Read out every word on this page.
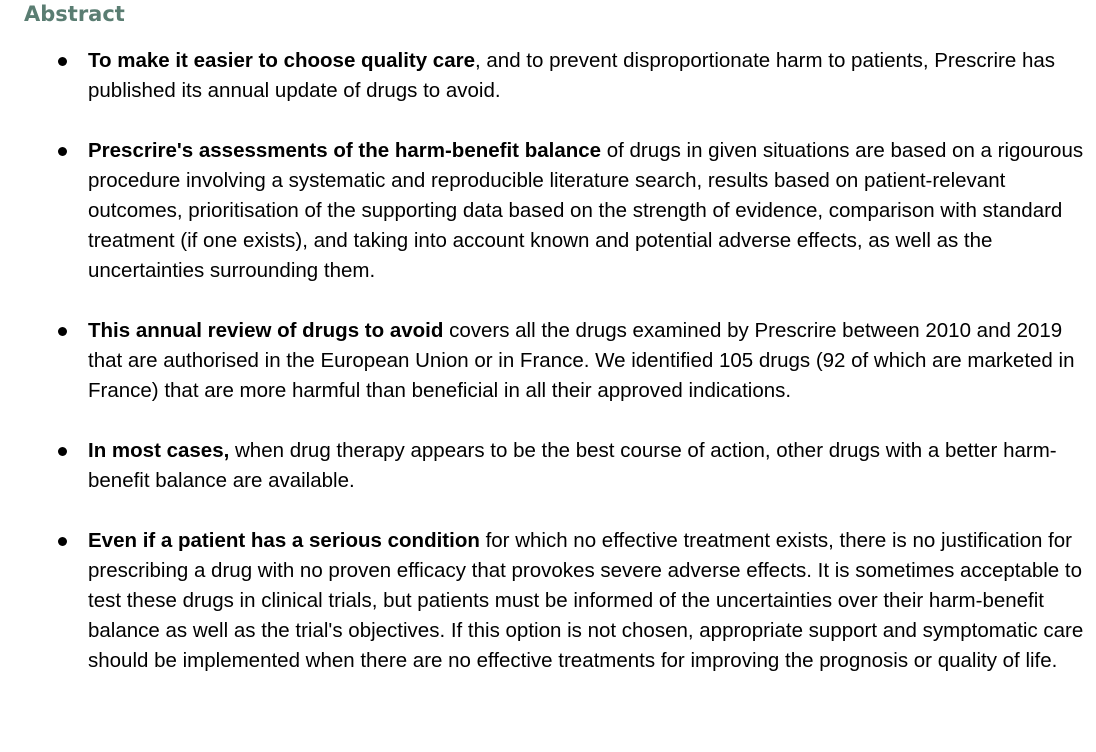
Abstract
To make it easier to choose quality care, and to prevent disproportionate harm to patients, Prescrire has published its annual update of drugs to avoid.
Prescrire's assessments of the harm-benefit balance of drugs in given situations are based on a rigourous procedure involving a systematic and reproducible literature search, results based on patient-relevant outcomes, prioritisation of the supporting data based on the strength of evidence, comparison with standard treatment (if one exists), and taking into account known and potential adverse effects, as well as the uncertainties surrounding them.
This annual review of drugs to avoid covers all the drugs examined by Prescrire between 2010 and 2019 that are authorised in the European Union or in France. We identified 105 drugs (92 of which are marketed in France) that are more harmful than beneficial in all their approved indications.
In most cases, when drug therapy appears to be the best course of action, other drugs with a better harm-benefit balance are available.
Even if a patient has a serious condition for which no effective treatment exists, there is no justification for prescribing a drug with no proven efficacy that provokes severe adverse effects. It is sometimes acceptable to test these drugs in clinical trials, but patients must be informed of the uncertainties over their harm-benefit balance as well as the trial's objectives. If this option is not chosen, appropriate support and symptomatic care should be implemented when there are no effective treatments for improving the prognosis or quality of life.
